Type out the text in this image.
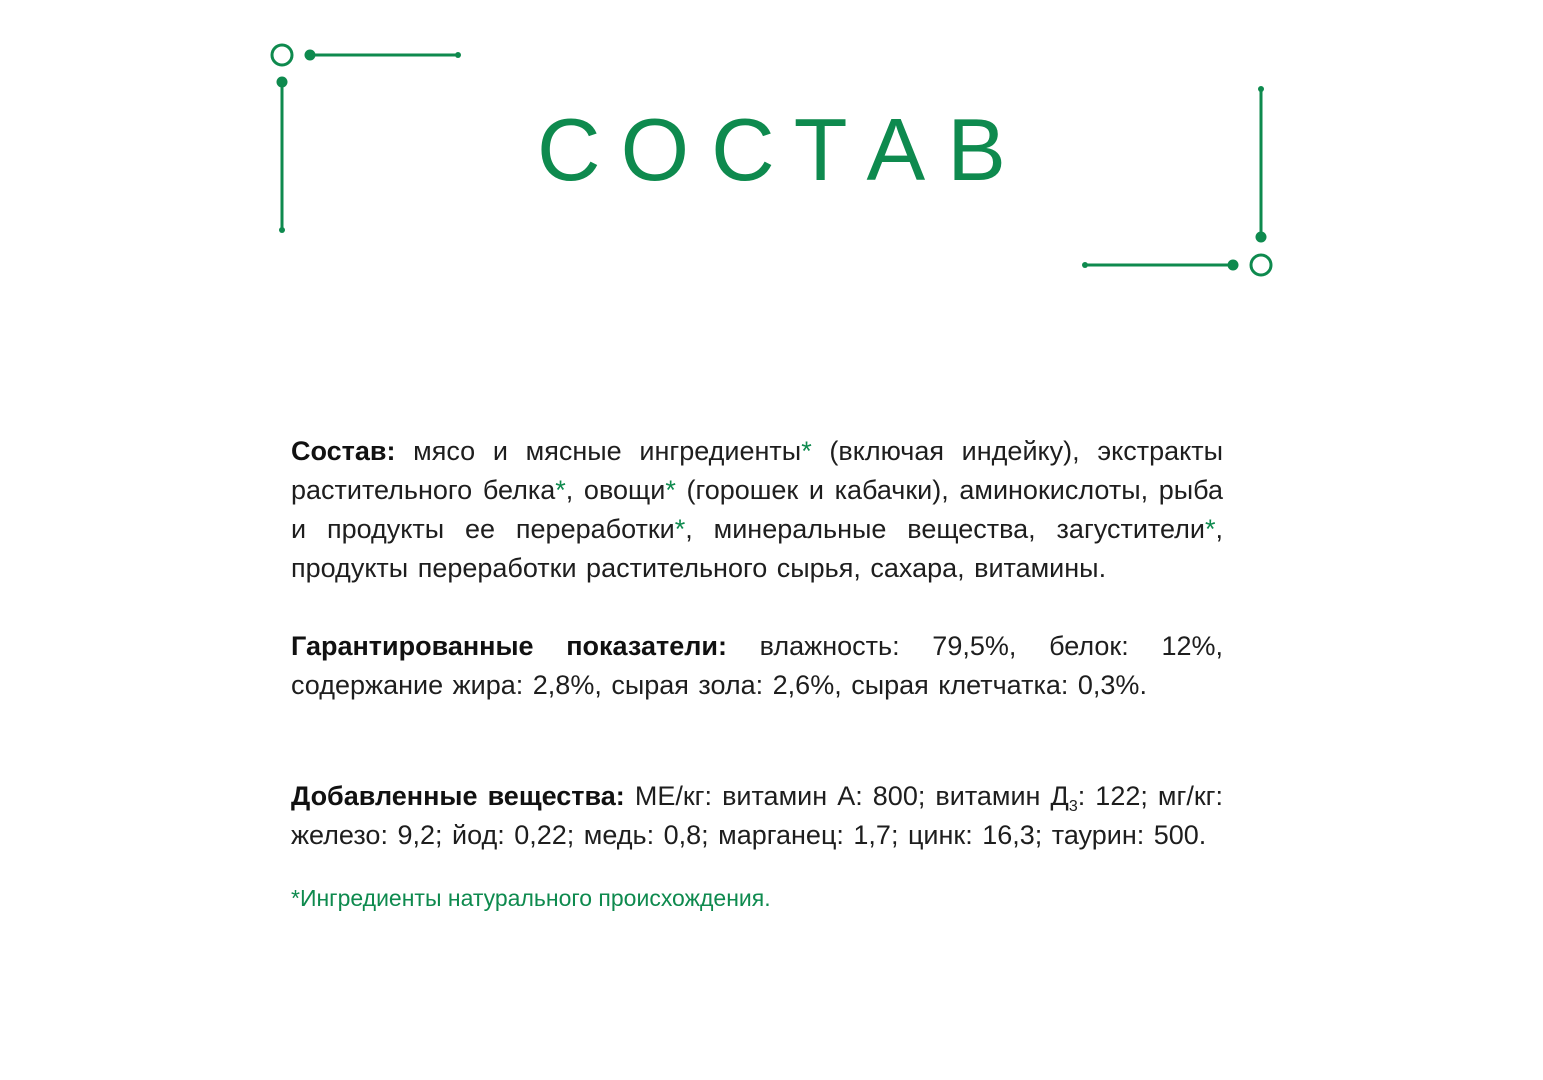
СОСТАВ

Состав: мясо и мясные ингредиенты* (включая индейку), экстракты растительного белка*, овощи* (горошек и кабачки), аминокислоты, рыба и продукты ее переработки*, минеральные вещества, загустители*, продукты переработки растительного сырья, сахара, витамины.

Гарантированные показатели: влажность: 79,5%, белок: 12%, содержание жира: 2,8%, сырая зола: 2,6%, сырая клетчатка: 0,3%.

Добавленные вещества: МЕ/кг: витамин А: 800; витамин $Д_3$: 122; мг/кг: железо: 9,2; йод: 0,22; медь: 0,8; марганец: 1,7; цинк: 16,3; таурин: 500.

*Ингредиенты натурального происхождения.
